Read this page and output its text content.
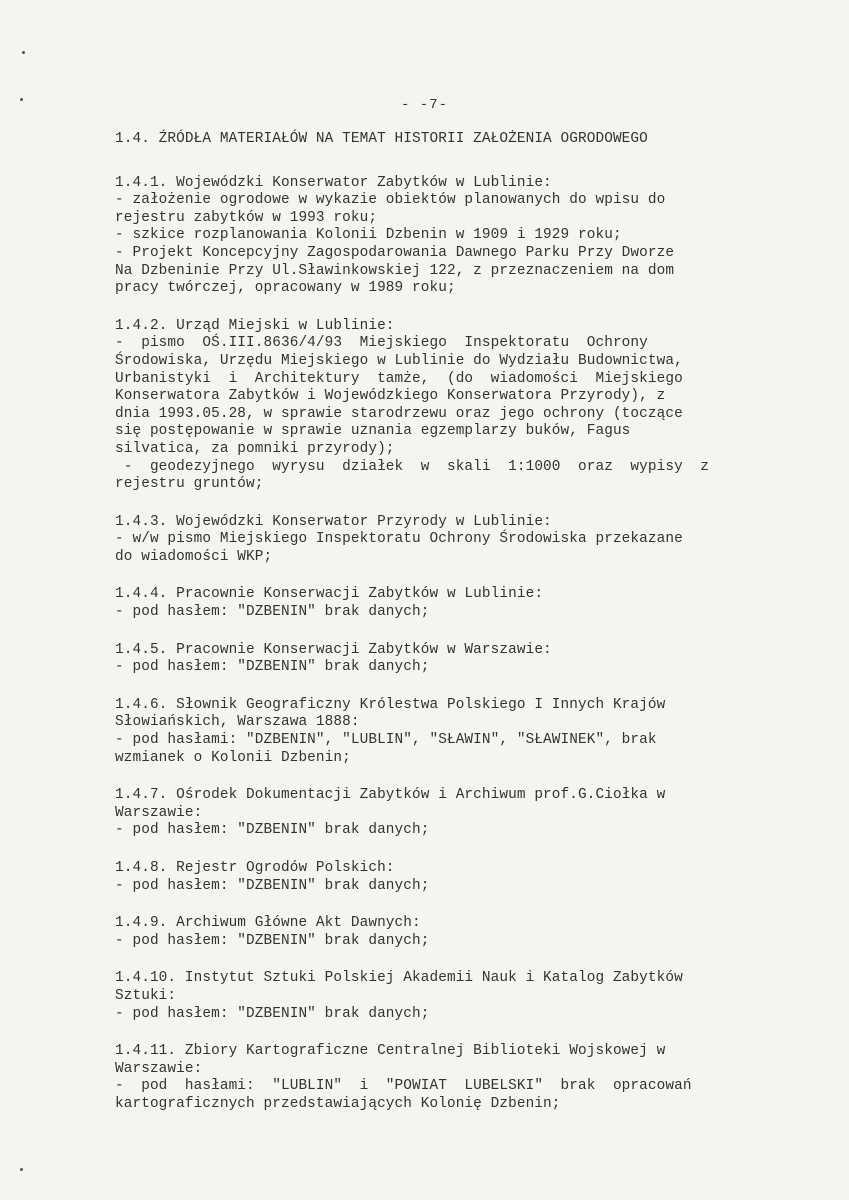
- -7-
1.4. ŹRÓDŁA MATERIAŁÓW NA TEMAT HISTORII ZAŁOŻENIA OGRODOWEGO
1.4.1. Wojewódzki Konserwator Zabytków w Lublinie:
- założenie ogrodowe w wykazie obiektów planowanych do wpisu do
rejestru zabytków w 1993 roku;
- szkice rozplanowania Kolonii Dzbenin w 1909 i 1929 roku;
- Projekt Koncepcyjny Zagospodarowania Dawnego Parku Przy Dworze
Na Dzbeninie Przy Ul.Sławinkowskiej 122, z przeznaczeniem na dom
pracy twórczej, opracowany w 1989 roku;
1.4.2. Urząd Miejski w Lublinie:
-  pismo  OŚ.III.8636/4/93  Miejskiego  Inspektoratu  Ochrony
Środowiska, Urzędu Miejskiego w Lublinie do Wydziału Budownictwa,
Urbanistyki  i  Architektury  tamże,  (do  wiadomości  Miejskiego
Konserwatora Zabytków i Wojewódzkiego Konserwatora Przyrody), z
dnia 1993.05.28, w sprawie starodrzewu oraz jego ochrony (toczące
się postępowanie w sprawie uznania egzemplarzy buków, Fagus
silvatica, za pomniki przyrody);
-  geodezyjnego  wyrysu  działek  w  skali  1:1000  oraz  wypisy  z
rejestru gruntów;
1.4.3. Wojewódzki Konserwator Przyrody w Lublinie:
- w/w pismo Miejskiego Inspektoratu Ochrony Środowiska przekazane
do wiadomości WKP;
1.4.4. Pracownie Konserwacji Zabytków w Lublinie:
- pod hasłem: "DZBENIN" brak danych;
1.4.5. Pracownie Konserwacji Zabytków w Warszawie:
- pod hasłem: "DZBENIN" brak danych;
1.4.6. Słownik Geograficzny Królestwa Polskiego I Innych Krajów
Słowiańskich, Warszawa 1888:
- pod hasłami: "DZBENIN", "LUBLIN", "SŁAWIN", "SŁAWINEK", brak
wzmianek o Kolonii Dzbenin;
1.4.7. Ośrodek Dokumentacji Zabytków i Archiwum prof.G.Ciołka w
Warszawie:
- pod hasłem: "DZBENIN" brak danych;
1.4.8. Rejestr Ogrodów Polskich:
- pod hasłem: "DZBENIN" brak danych;
1.4.9. Archiwum Główne Akt Dawnych:
- pod hasłem: "DZBENIN" brak danych;
1.4.10. Instytut Sztuki Polskiej Akademii Nauk i Katalog Zabytków
Sztuki:
- pod hasłem: "DZBENIN" brak danych;
1.4.11. Zbiory Kartograficzne Centralnej Biblioteki Wojskowej w
Warszawie:
-  pod  hasłami:  "LUBLIN"  i  "POWIAT  LUBELSKI"  brak  opracowań
kartograficznych przedstawiających Kolonię Dzbenin;
